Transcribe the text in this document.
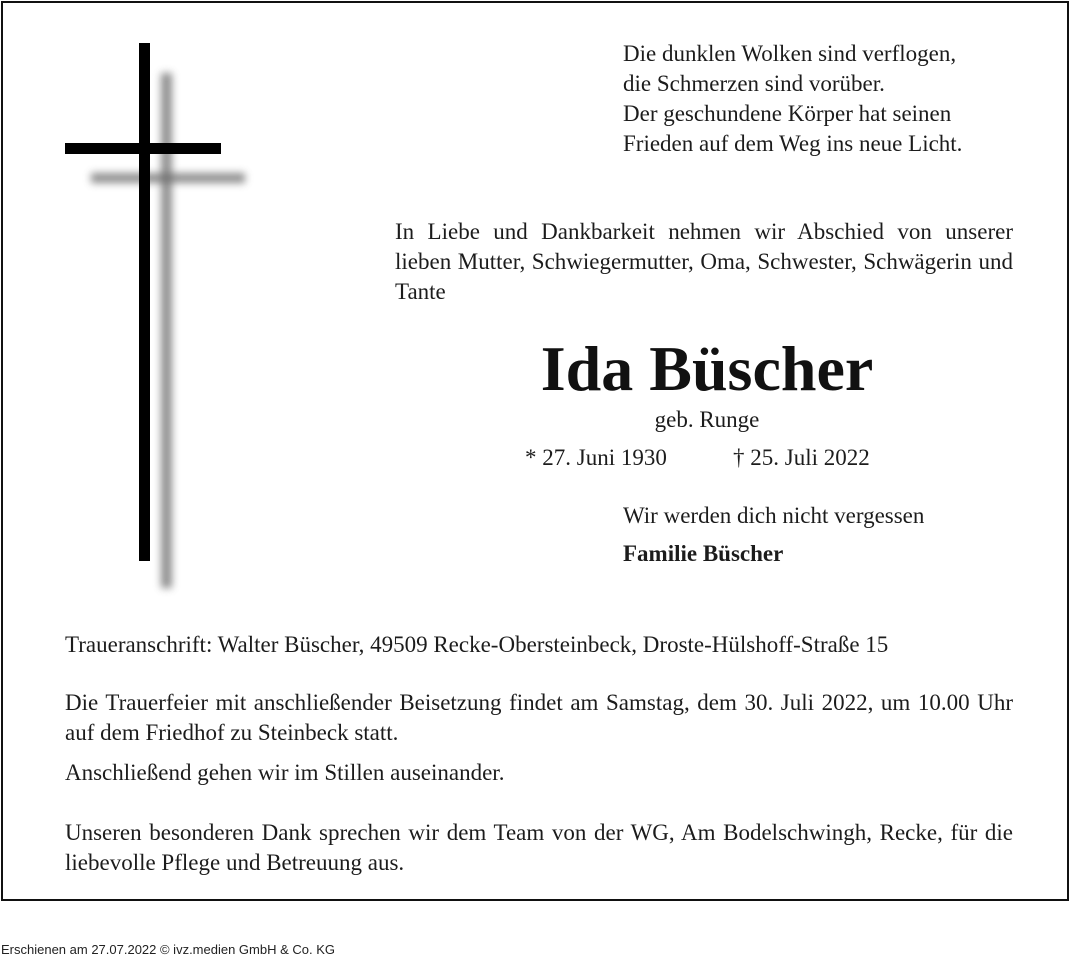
Die dunklen Wolken sind verflogen,
die Schmerzen sind vorüber.
Der geschundene Körper hat seinen
Frieden auf dem Weg ins neue Licht.

In Liebe und Dankbarkeit nehmen wir Abschied von unserer lieben Mutter, Schwiegermutter, Oma, Schwester, Schwägerin und Tante

Ida Büscher

geb. Runge

* 27. Juni 1930	† 25. Juli 2022

Wir werden dich nicht vergessen

Familie Büscher

Traueranschrift: Walter Büscher, 49509 Recke-Obersteinbeck, Droste-Hülshoff-Straße 15

Die Trauerfeier mit anschließender Beisetzung findet am Samstag, dem 30. Juli 2022, um 10.00 Uhr auf dem Friedhof zu Steinbeck statt.

Anschließend gehen wir im Stillen auseinander.

Unseren besonderen Dank sprechen wir dem Team von der WG, Am Bodelschwingh, Recke, für die liebevolle Pflege und Betreuung aus.

Erschienen am 27.07.2022 © ivz.medien GmbH & Co. KG
